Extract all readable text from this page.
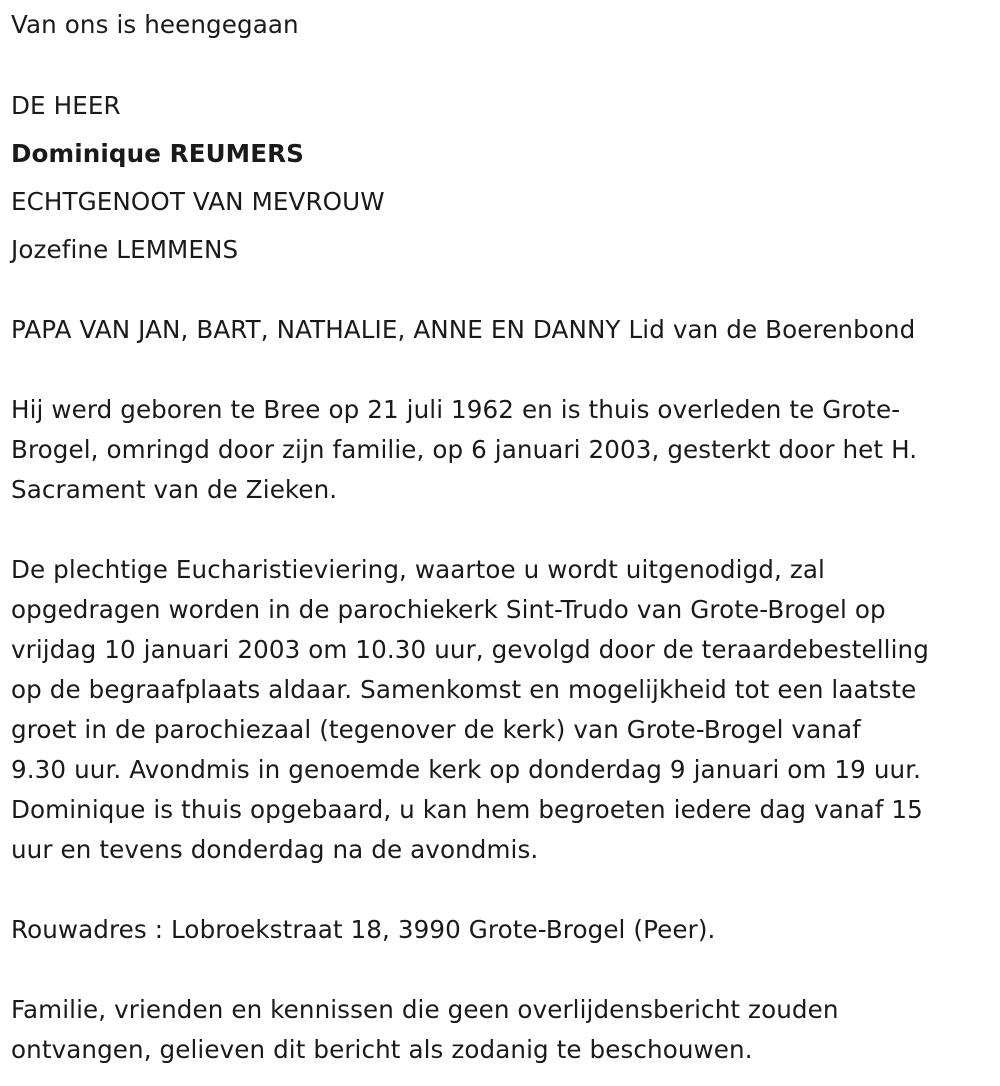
Van ons is heengegaan
DE HEER
Dominique REUMERS
ECHTGENOOT VAN MEVROUW
Jozefine LEMMENS
PAPA VAN JAN, BART, NATHALIE, ANNE EN DANNY Lid van de Boerenbond
Hij werd geboren te Bree op 21 juli 1962 en is thuis overleden te Grote-
Brogel, omringd door zijn familie, op 6 januari 2003, gesterkt door het H.
Sacrament van de Zieken.
De plechtige Eucharistieviering, waartoe u wordt uitgenodigd, zal
opgedragen worden in de parochiekerk Sint-Trudo van Grote-Brogel op
vrijdag 10 januari 2003 om 10.30 uur, gevolgd door de teraardebestelling
op de begraafplaats aldaar. Samenkomst en mogelijkheid tot een laatste
groet in de parochiezaal (tegenover de kerk) van Grote-Brogel vanaf
9.30 uur. Avondmis in genoemde kerk op donderdag 9 januari om 19 uur.
Dominique is thuis opgebaard, u kan hem begroeten iedere dag vanaf 15
uur en tevens donderdag na de avondmis.
Rouwadres : Lobroekstraat 18, 3990 Grote-Brogel (Peer).
Familie, vrienden en kennissen die geen overlijdensbericht zouden
ontvangen, gelieven dit bericht als zodanig te beschouwen.
